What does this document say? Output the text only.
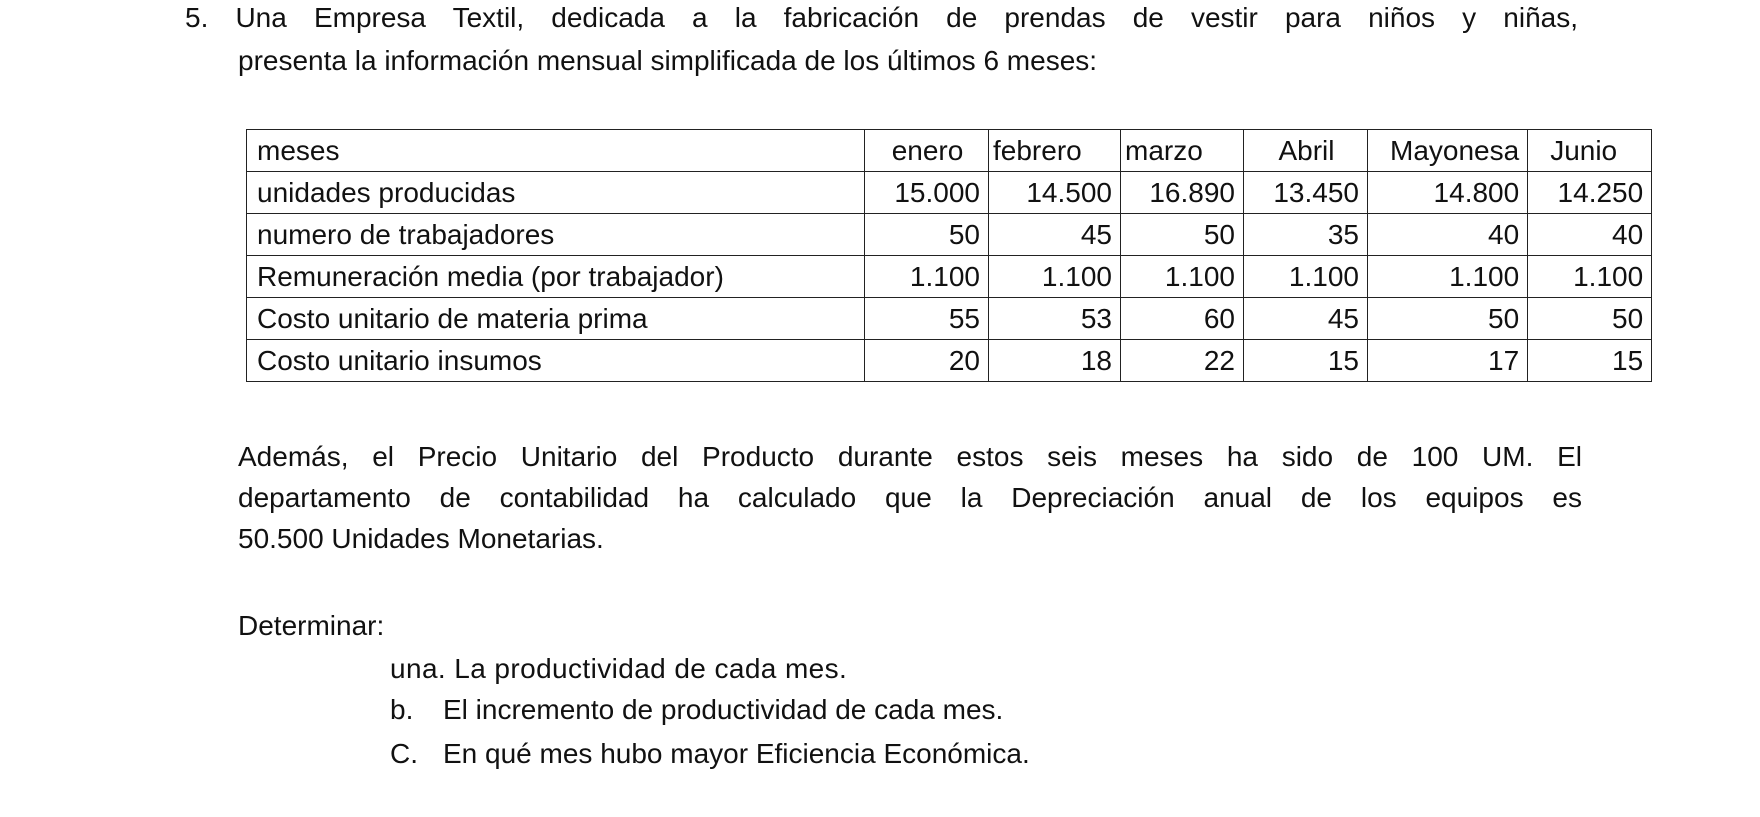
5. Una Empresa Textil, dedicada a la fabricación de prendas de vestir para niños y niñas,
presenta la información mensual simplificada de los últimos 6 meses:
meses	enero	febrero	marzo	Abril	Mayonesa	Junio
unidades producidas	15.000	14.500	16.890	13.450	14.800	14.250
numero de trabajadores	50	45	50	35	40	40
Remuneración media (por trabajador)	1.100	1.100	1.100	1.100	1.100	1.100
Costo unitario de materia prima	55	53	60	45	50	50
Costo unitario insumos	20	18	22	15	17	15
Además, el Precio Unitario del Producto durante estos seis meses ha sido de 100 UM. El
departamento de contabilidad ha calculado que la Depreciación anual de los equipos es
50.500 Unidades Monetarias.
Determinar:
una. La productividad de cada mes.
b. El incremento de productividad de cada mes.
C. En qué mes hubo mayor Eficiencia Económica.
